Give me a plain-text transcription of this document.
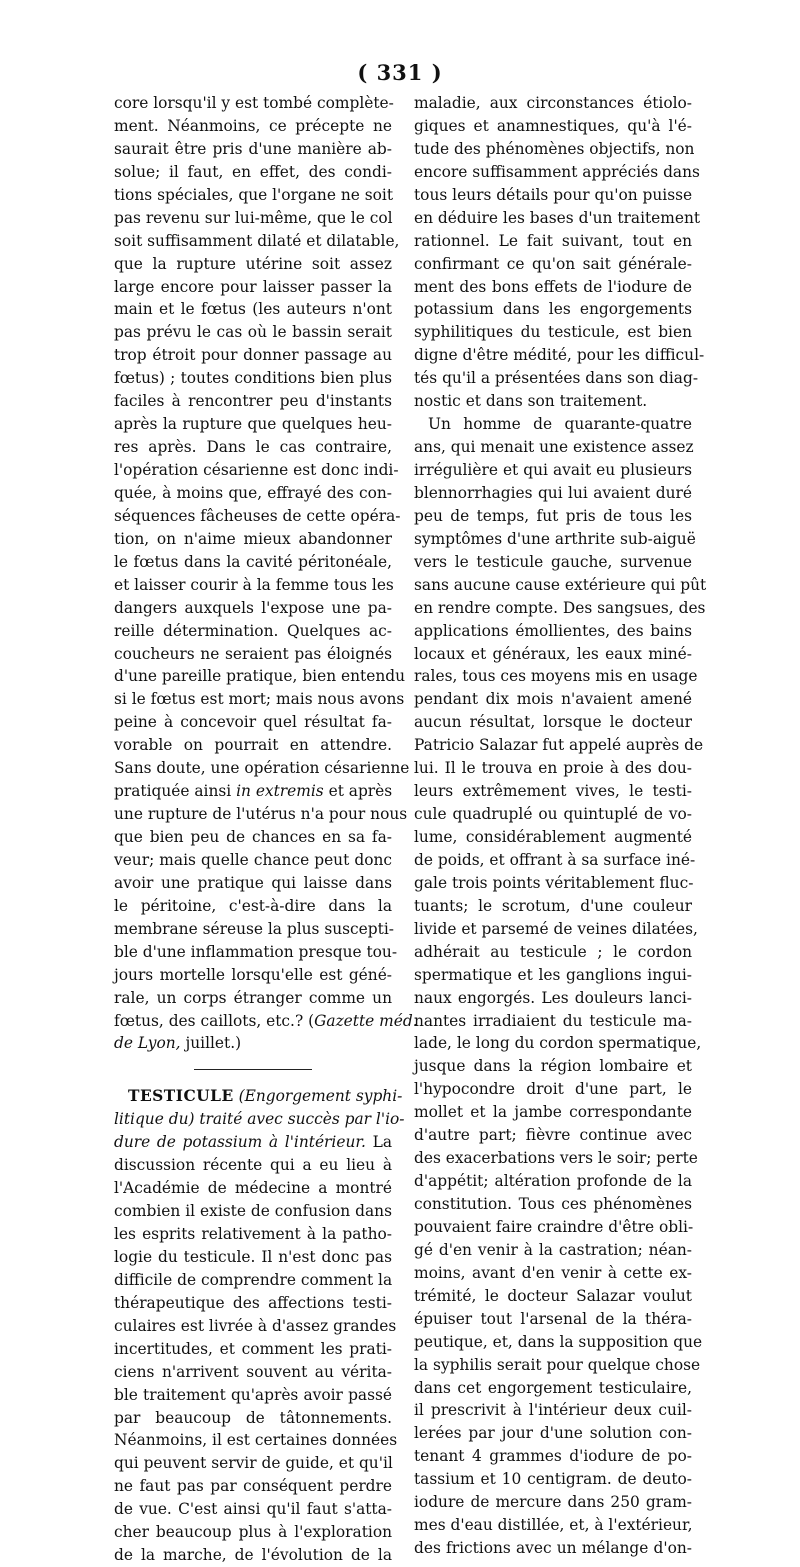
( 331 )
core lorsqu'il y est tombé complète-
ment. Néanmoins, ce précepte ne
saurait être pris d'une manière ab-
solue; il faut, en effet, des condi-
tions spéciales, que l'organe ne soit
pas revenu sur lui-même, que le col
soit suffisamment dilaté et dilatable,
que la rupture utérine soit assez
large encore pour laisser passer la
main et le fœtus (les auteurs n'ont
pas prévu le cas où le bassin serait
trop étroit pour donner passage au
fœtus) ; toutes conditions bien plus
faciles à rencontrer peu d'instants
après la rupture que quelques heu-
res après. Dans le cas contraire,
l'opération césarienne est donc indi-
quée, à moins que, effrayé des con-
séquences fâcheuses de cette opéra-
tion, on n'aime mieux abandonner
le fœtus dans la cavité péritonéale,
et laisser courir à la femme tous les
dangers auxquels l'expose une pa-
reille détermination. Quelques ac-
coucheurs ne seraient pas éloignés
d'une pareille pratique, bien entendu
si le fœtus est mort; mais nous avons
peine à concevoir quel résultat fa-
vorable on pourrait en attendre.
Sans doute, une opération césarienne
pratiquée ainsi in extremis et après
une rupture de l'utérus n'a pour nous
que bien peu de chances en sa fa-
veur; mais quelle chance peut donc
avoir une pratique qui laisse dans
le péritoine, c'est-à-dire dans la
membrane séreuse la plus suscepti-
ble d'une inflammation presque tou-
jours mortelle lorsqu'elle est géné-
rale, un corps étranger comme un
fœtus, des caillots, etc.? (Gazette méd.
de Lyon, juillet.)
TESTICULE (Engorgement syphi-
litique du) traité avec succès par l'io-
dure de potassium à l'intérieur. La
discussion récente qui a eu lieu à
l'Académie de médecine a montré
combien il existe de confusion dans
les esprits relativement à la patho-
logie du testicule. Il n'est donc pas
difficile de comprendre comment la
thérapeutique des affections testi-
culaires est livrée à d'assez grandes
incertitudes, et comment les prati-
ciens n'arrivent souvent au vérita-
ble traitement qu'après avoir passé
par beaucoup de tâtonnements.
Néanmoins, il est certaines données
qui peuvent servir de guide, et qu'il
ne faut pas par conséquent perdre
de vue. C'est ainsi qu'il faut s'atta-
cher beaucoup plus à l'exploration
de la marche, de l'évolution de la
maladie, aux circonstances étiolo-
giques et anamnestiques, qu'à l'é-
tude des phénomènes objectifs, non
encore suffisamment appréciés dans
tous leurs détails pour qu'on puisse
en déduire les bases d'un traitement
rationnel. Le fait suivant, tout en
confirmant ce qu'on sait générale-
ment des bons effets de l'iodure de
potassium dans les engorgements
syphilitiques du testicule, est bien
digne d'être médité, pour les difficul-
tés qu'il a présentées dans son diag-
nostic et dans son traitement.
Un homme de quarante-quatre
ans, qui menait une existence assez
irrégulière et qui avait eu plusieurs
blennorrhagies qui lui avaient duré
peu de temps, fut pris de tous les
symptômes d'une arthrite sub-aiguë
vers le testicule gauche, survenue
sans aucune cause extérieure qui pût
en rendre compte. Des sangsues, des
applications émollientes, des bains
locaux et généraux, les eaux miné-
rales, tous ces moyens mis en usage
pendant dix mois n'avaient amené
aucun résultat, lorsque le docteur
Patricio Salazar fut appelé auprès de
lui. Il le trouva en proie à des dou-
leurs extrêmement vives, le testi-
cule quadruplé ou quintuplé de vo-
lume, considérablement augmenté
de poids, et offrant à sa surface iné-
gale trois points véritablement fluc-
tuants; le scrotum, d'une couleur
livide et parsemé de veines dilatées,
adhérait au testicule ; le cordon
spermatique et les ganglions ingui-
naux engorgés. Les douleurs lanci-
nantes irradiaient du testicule ma-
lade, le long du cordon spermatique,
jusque dans la région lombaire et
l'hypocondre droit d'une part, le
mollet et la jambe correspondante
d'autre part; fièvre continue avec
des exacerbations vers le soir; perte
d'appétit; altération profonde de la
constitution. Tous ces phénomènes
pouvaient faire craindre d'être obli-
gé d'en venir à la castration; néan-
moins, avant d'en venir à cette ex-
trémité, le docteur Salazar voulut
épuiser tout l'arsenal de la théra-
peutique, et, dans la supposition que
la syphilis serait pour quelque chose
dans cet engorgement testiculaire,
il prescrivit à l'intérieur deux cuil-
lerées par jour d'une solution con-
tenant 4 grammes d'iodure de po-
tassium et 10 centigram. de deuto-
iodure de mercure dans 250 gram-
mes d'eau distillée, et, à l'extérieur,
des frictions avec un mélange d'on-
